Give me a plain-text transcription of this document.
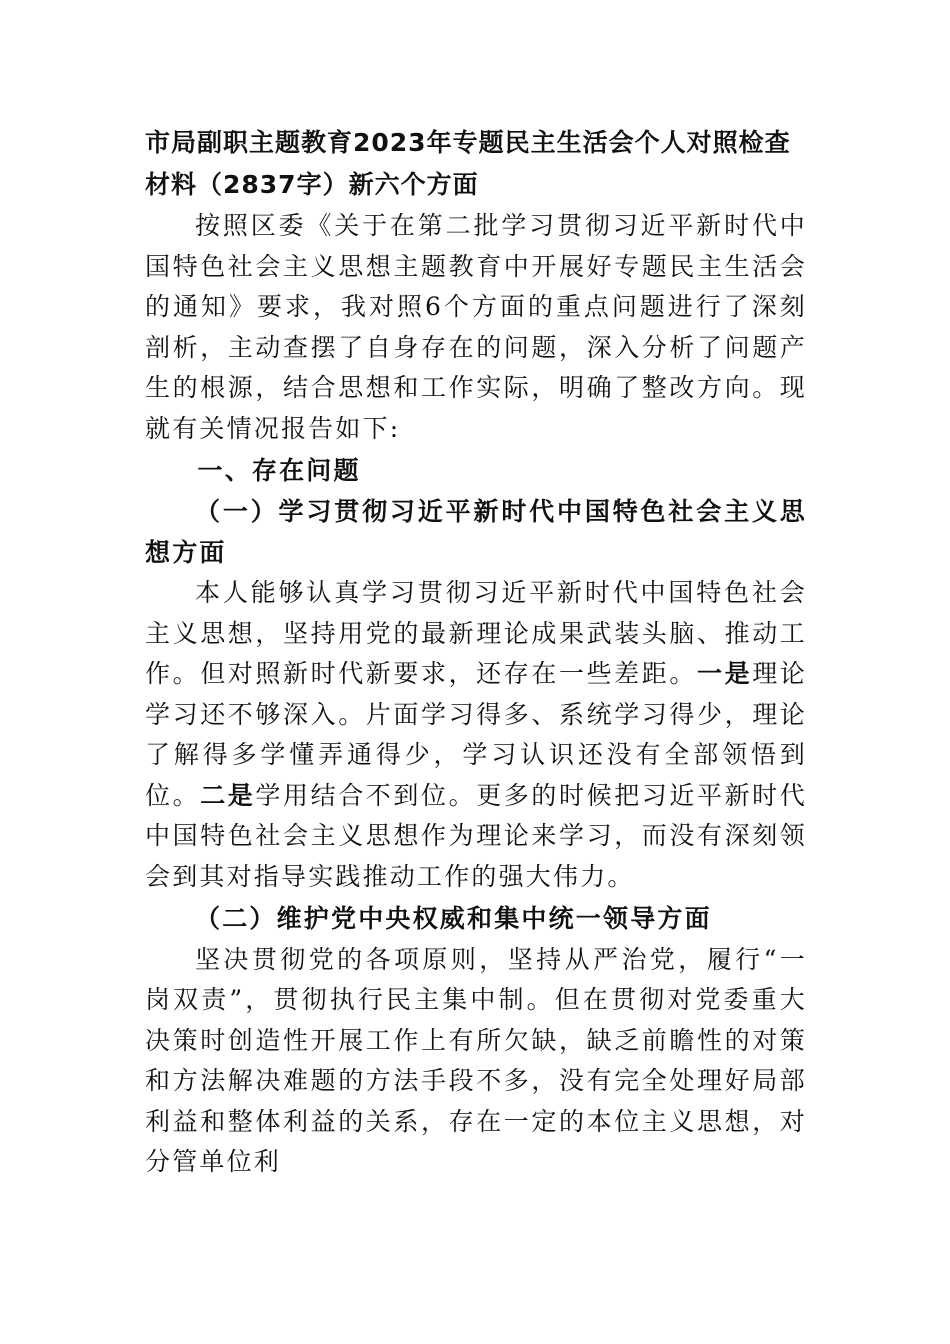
市局副职主题教育2023年专题民主生活会个人对照检查材料（2837字）新六个方面

按照区委《关于在第二批学习贯彻习近平新时代中国特色社会主义思想主题教育中开展好专题民主生活会的通知》要求，我对照6个方面的重点问题进行了深刻剖析，主动查摆了自身存在的问题，深入分析了问题产生的根源，结合思想和工作实际，明确了整改方向。现就有关情况报告如下:

一、存在问题

（一）学习贯彻习近平新时代中国特色社会主义思想方面

本人能够认真学习贯彻习近平新时代中国特色社会主义思想，坚持用党的最新理论成果武装头脑、推动工作。但对照新时代新要求，还存在一些差距。一是理论学习还不够深入。片面学习得多、系统学习得少，理论了解得多学懂弄通得少，学习认识还没有全部领悟到位。二是学用结合不到位。更多的时候把习近平新时代中国特色社会主义思想作为理论来学习，而没有深刻领会到其对指导实践推动工作的强大伟力。

（二）维护党中央权威和集中统一领导方面

坚决贯彻党的各项原则，坚持从严治党，履行“一岗双责”，贯彻执行民主集中制。但在贯彻对党委重大决策时创造性开展工作上有所欠缺，缺乏前瞻性的对策和方法解决难题的方法手段不多，没有完全处理好局部利益和整体利益的关系，存在一定的本位主义思想，对分管单位利
